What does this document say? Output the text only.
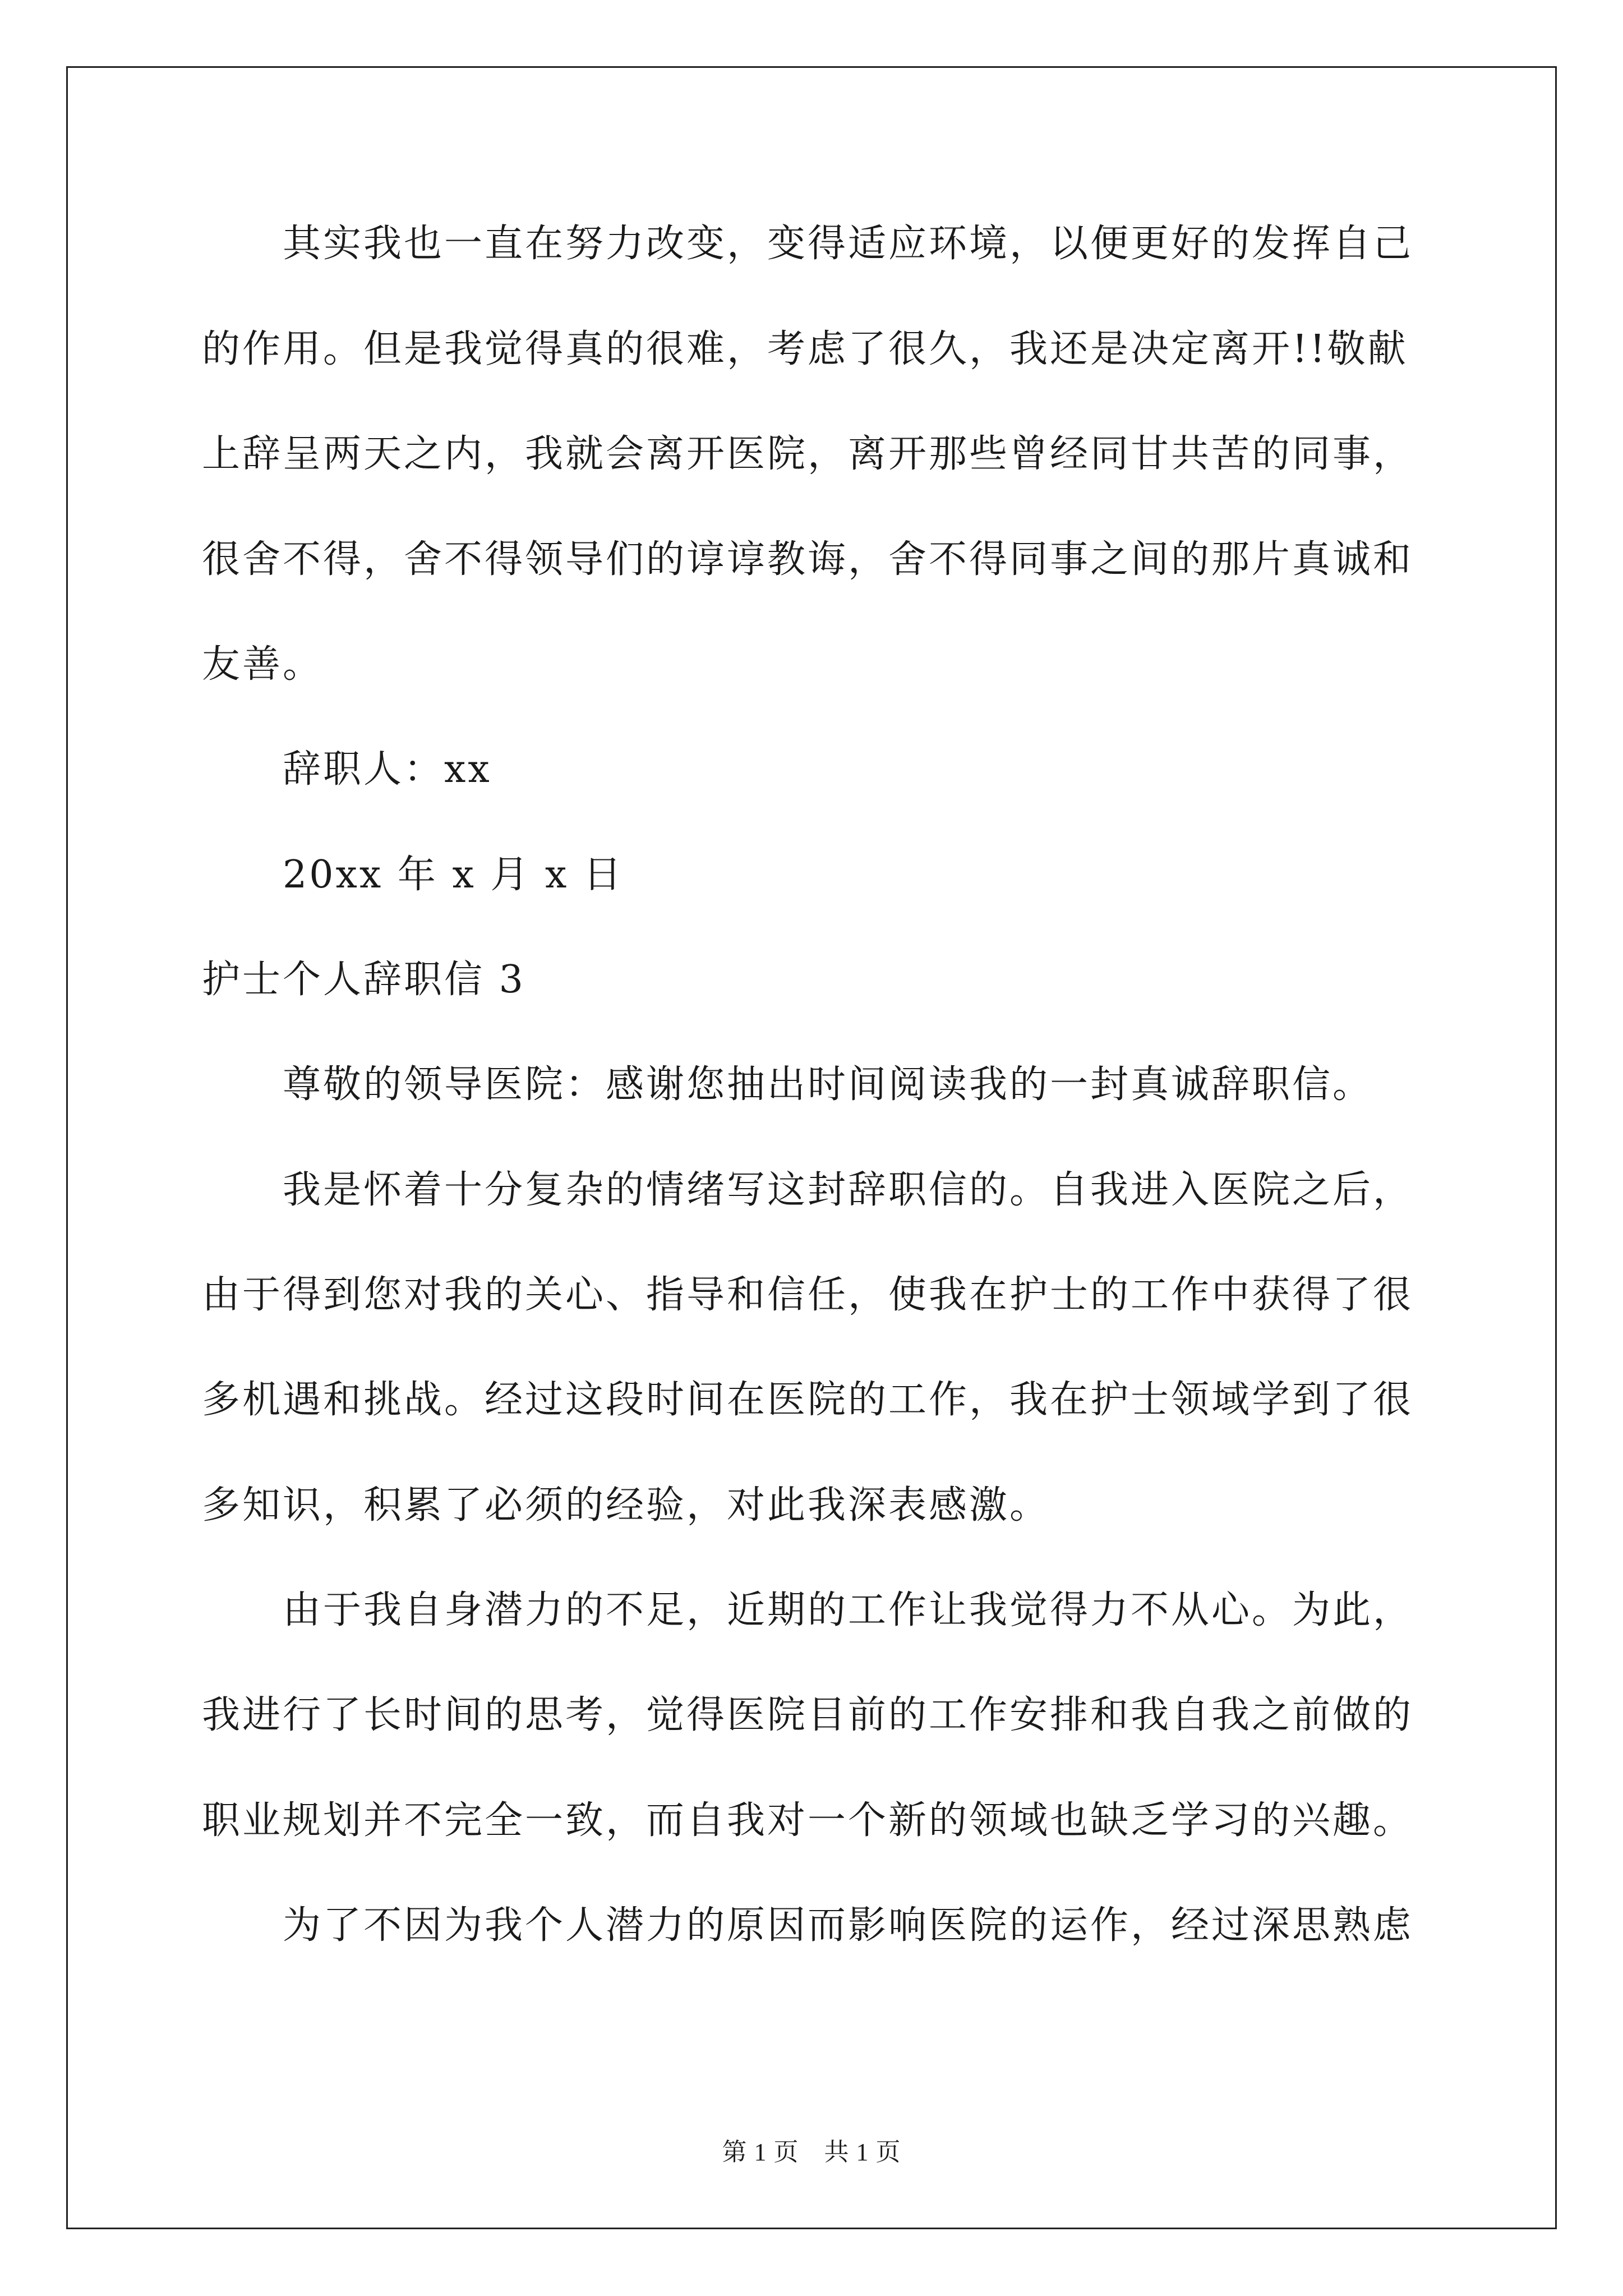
　　其实我也一直在努力改变，变得适应环境，以便更好的发挥自己
的作用。但是我觉得真的很难，考虑了很久，我还是决定离开!!敬献
上辞呈两天之内，我就会离开医院，离开那些曾经同甘共苦的同事，
很舍不得，舍不得领导们的谆谆教诲，舍不得同事之间的那片真诚和
友善。
　　辞职人：xx
　　20xx 年 x 月 x 日
护士个人辞职信 3
　　尊敬的领导医院：感谢您抽出时间阅读我的一封真诚辞职信。
　　我是怀着十分复杂的情绪写这封辞职信的。自我进入医院之后，
由于得到您对我的关心、指导和信任，使我在护士的工作中获得了很
多机遇和挑战。经过这段时间在医院的工作，我在护士领域学到了很
多知识，积累了必须的经验，对此我深表感激。
　　由于我自身潜力的不足，近期的工作让我觉得力不从心。为此，
我进行了长时间的思考，觉得医院目前的工作安排和我自我之前做的
职业规划并不完全一致，而自我对一个新的领域也缺乏学习的兴趣。
　　为了不因为我个人潜力的原因而影响医院的运作，经过深思熟虑
第 1 页　共 1 页
